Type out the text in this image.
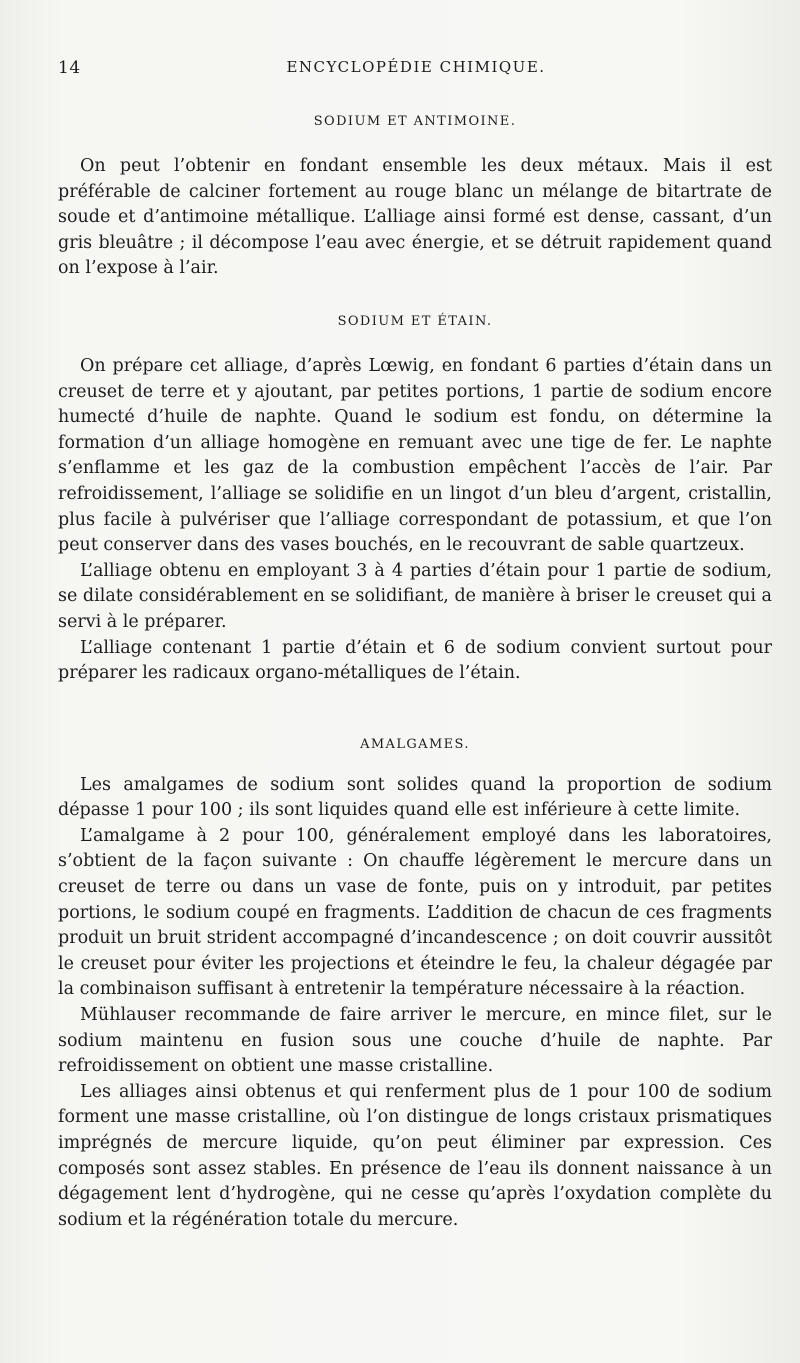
14	ENCYCLOPÉDIE CHIMIQUE.
SODIUM ET ANTIMOINE.

On peut l’obtenir en fondant ensemble les deux métaux. Mais il est préférable de calciner fortement au rouge blanc un mélange de bitartrate de soude et d’antimoine métallique. L’alliage ainsi formé est dense, cassant, d’un gris bleuâtre ; il décompose l’eau avec énergie, et se détruit rapidement quand on l’expose à l’air.

SODIUM ET ÉTAIN.

On prépare cet alliage, d’après Lœwig, en fondant 6 parties d’étain dans un creuset de terre et y ajoutant, par petites portions, 1 partie de sodium encore humecté d’huile de naphte. Quand le sodium est fondu, on détermine la formation d’un alliage homogène en remuant avec une tige de fer. Le naphte s’enflamme et les gaz de la combustion empêchent l’accès de l’air. Par refroidissement, l’alliage se solidifie en un lingot d’un bleu d’argent, cristallin, plus facile à pulvériser que l’alliage correspondant de potassium, et que l’on peut conserver dans des vases bouchés, en le recouvrant de sable quartzeux.

L’alliage obtenu en employant 3 à 4 parties d’étain pour 1 partie de sodium, se dilate considérablement en se solidifiant, de manière à briser le creuset qui a servi à le préparer.

L’alliage contenant 1 partie d’étain et 6 de sodium convient surtout pour préparer les radicaux organo-métalliques de l’étain.

AMALGAMES.

Les amalgames de sodium sont solides quand la proportion de sodium dépasse 1 pour 100 ; ils sont liquides quand elle est inférieure à cette limite.

L’amalgame à 2 pour 100, généralement employé dans les laboratoires, s’obtient de la façon suivante : On chauffe légèrement le mercure dans un creuset de terre ou dans un vase de fonte, puis on y introduit, par petites portions, le sodium coupé en fragments. L’addition de chacun de ces fragments produit un bruit strident accompagné d’incandescence ; on doit couvrir aussitôt le creuset pour éviter les projections et éteindre le feu, la chaleur dégagée par la combinaison suffisant à entretenir la température nécessaire à la réaction.

Mühlauser recommande de faire arriver le mercure, en mince filet, sur le sodium maintenu en fusion sous une couche d’huile de naphte. Par refroidissement on obtient une masse cristalline.

Les alliages ainsi obtenus et qui renferment plus de 1 pour 100 de sodium forment une masse cristalline, où l’on distingue de longs cristaux prismatiques imprégnés de mercure liquide, qu’on peut éliminer par expression. Ces composés sont assez stables. En présence de l’eau ils donnent naissance à un dégagement lent d’hydrogène, qui ne cesse qu’après l’oxydation complète du sodium et la régénération totale du mercure.
